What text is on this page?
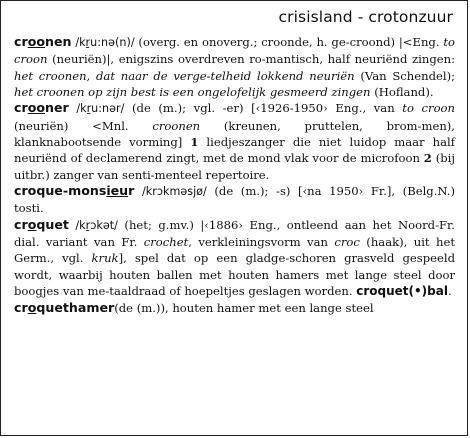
crisisland - crotonzuur

croonen /kṟu:nə(n)/ (overg. en onoverg.; croonde, h. ge-croond) |<Eng. to croon (neuriën)|, enigszins overdreven ro-mantisch, half neuriënd zingen: het croonen, dat naar de verge-telheid lokkend neuriën (Van Schendel); het croonen op zijn best is een ongelofelijk gesmeerd zingen (Hofland).

crooner /kṟu:nər/ (de (m.); vgl. -er) [‹1926-1950› Eng., van to croon (neuriën) <Mnl. croonen (kreunen, pruttelen, brom-men), klanknabootsende vorming] 1 liedjeszanger die niet luidop maar half neuriënd of declamerend zingt, met de mond vlak voor de microfoon 2 (bij uitbr.) zanger van senti-menteel repertoire.

croque-monsieur /krɔkməsjø/ (de (m.); -s) [‹na 1950› Fr.], (Belg.N.) tosti.

croquet /kṟɔkət/ (het; g.mv.) |‹1886› Eng., ontleend aan het Noord-Fr. dial. variant van Fr. crochet, verkleiningsvorm van croc (haak), uit het Germ., vgl. kruk], spel dat op een gladge-schoren grasveld gespeeld wordt, waarbij houten ballen met houten hamers met lange steel door boogjes van me-taaldraad of hoepeltjes geslagen worden. croquet(•)bal.

croquethamer(de (m.)), houten hamer met een lange steel
